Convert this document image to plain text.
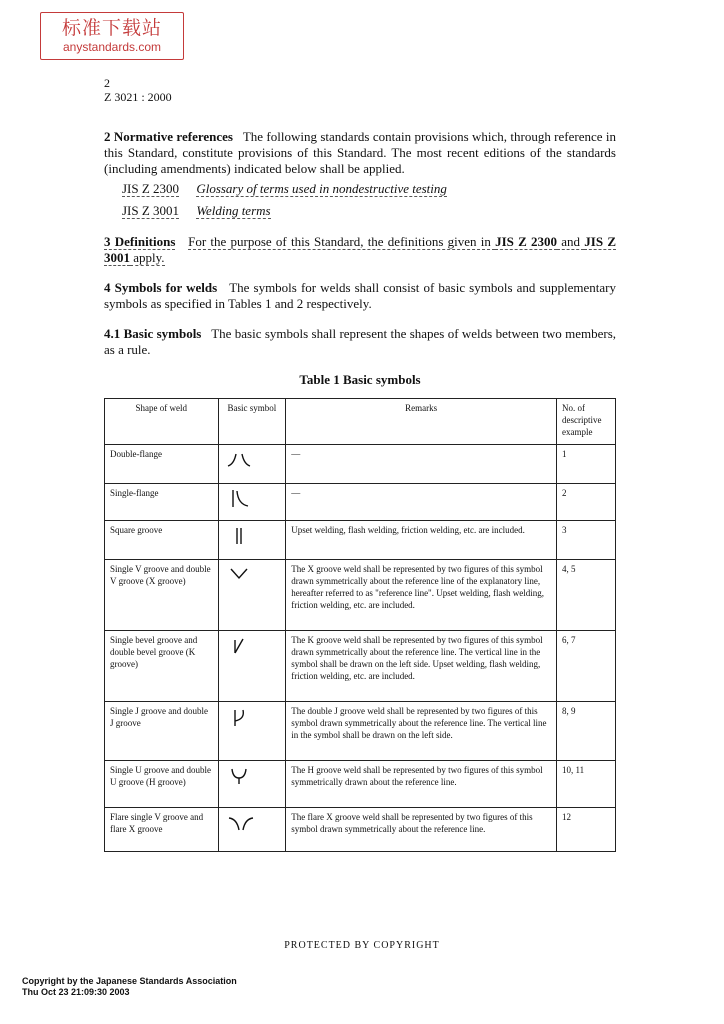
标准下载站
anystandards.com
2
Z 3021 : 2000
2 Normative references The following standards contain provisions which, through reference in this Standard, constitute provisions of this Standard. The most recent editions of the standards (including amendments) indicated below shall be applied.
JIS Z 2300 Glossary of terms used in nondestructive testing
JIS Z 3001 Welding terms
3 Definitions For the purpose of this Standard, the definitions given in JIS Z 2300 and JIS Z 3001 apply.
4 Symbols for welds The symbols for welds shall consist of basic symbols and supplementary symbols as specified in Tables 1 and 2 respectively.
4.1 Basic symbols The basic symbols shall represent the shapes of welds between two members, as a rule.
Table 1 Basic symbols
Shape of weld	Basic symbol	Remarks	No. of descriptive example
Double-flange		—	1
Single-flange		—	2
Square groove		Upset welding, flash welding, friction welding, etc. are included.	3
Single V groove and double V groove (X groove)		The X groove weld shall be represented by two figures of this symbol drawn symmetrically about the reference line of the explanatory line, hereafter referred to as "reference line". Upset welding, flash welding, friction welding, etc. are included.	4, 5
Single bevel groove and double bevel groove (K groove)		The K groove weld shall be represented by two figures of this symbol drawn symmetrically about the reference line. The vertical line in the symbol shall be drawn on the left side. Upset welding, flash welding, friction welding, etc. are included.	6, 7
Single J groove and double J groove		The double J groove weld shall be represented by two figures of this symbol drawn symmetrically about the reference line. The vertical line in the symbol shall be drawn on the left side.	8, 9
Single U groove and double U groove (H groove)		The H groove weld shall be represented by two figures of this symbol symmetrically drawn about the reference line.	10, 11
Flare single V groove and flare X groove		The flare X groove weld shall be represented by two figures of this symbol drawn symmetrically about the reference line.	12
PROTECTED BY COPYRIGHT
Copyright by the Japanese Standards Association
Thu Oct 23 21:09:30 2003
